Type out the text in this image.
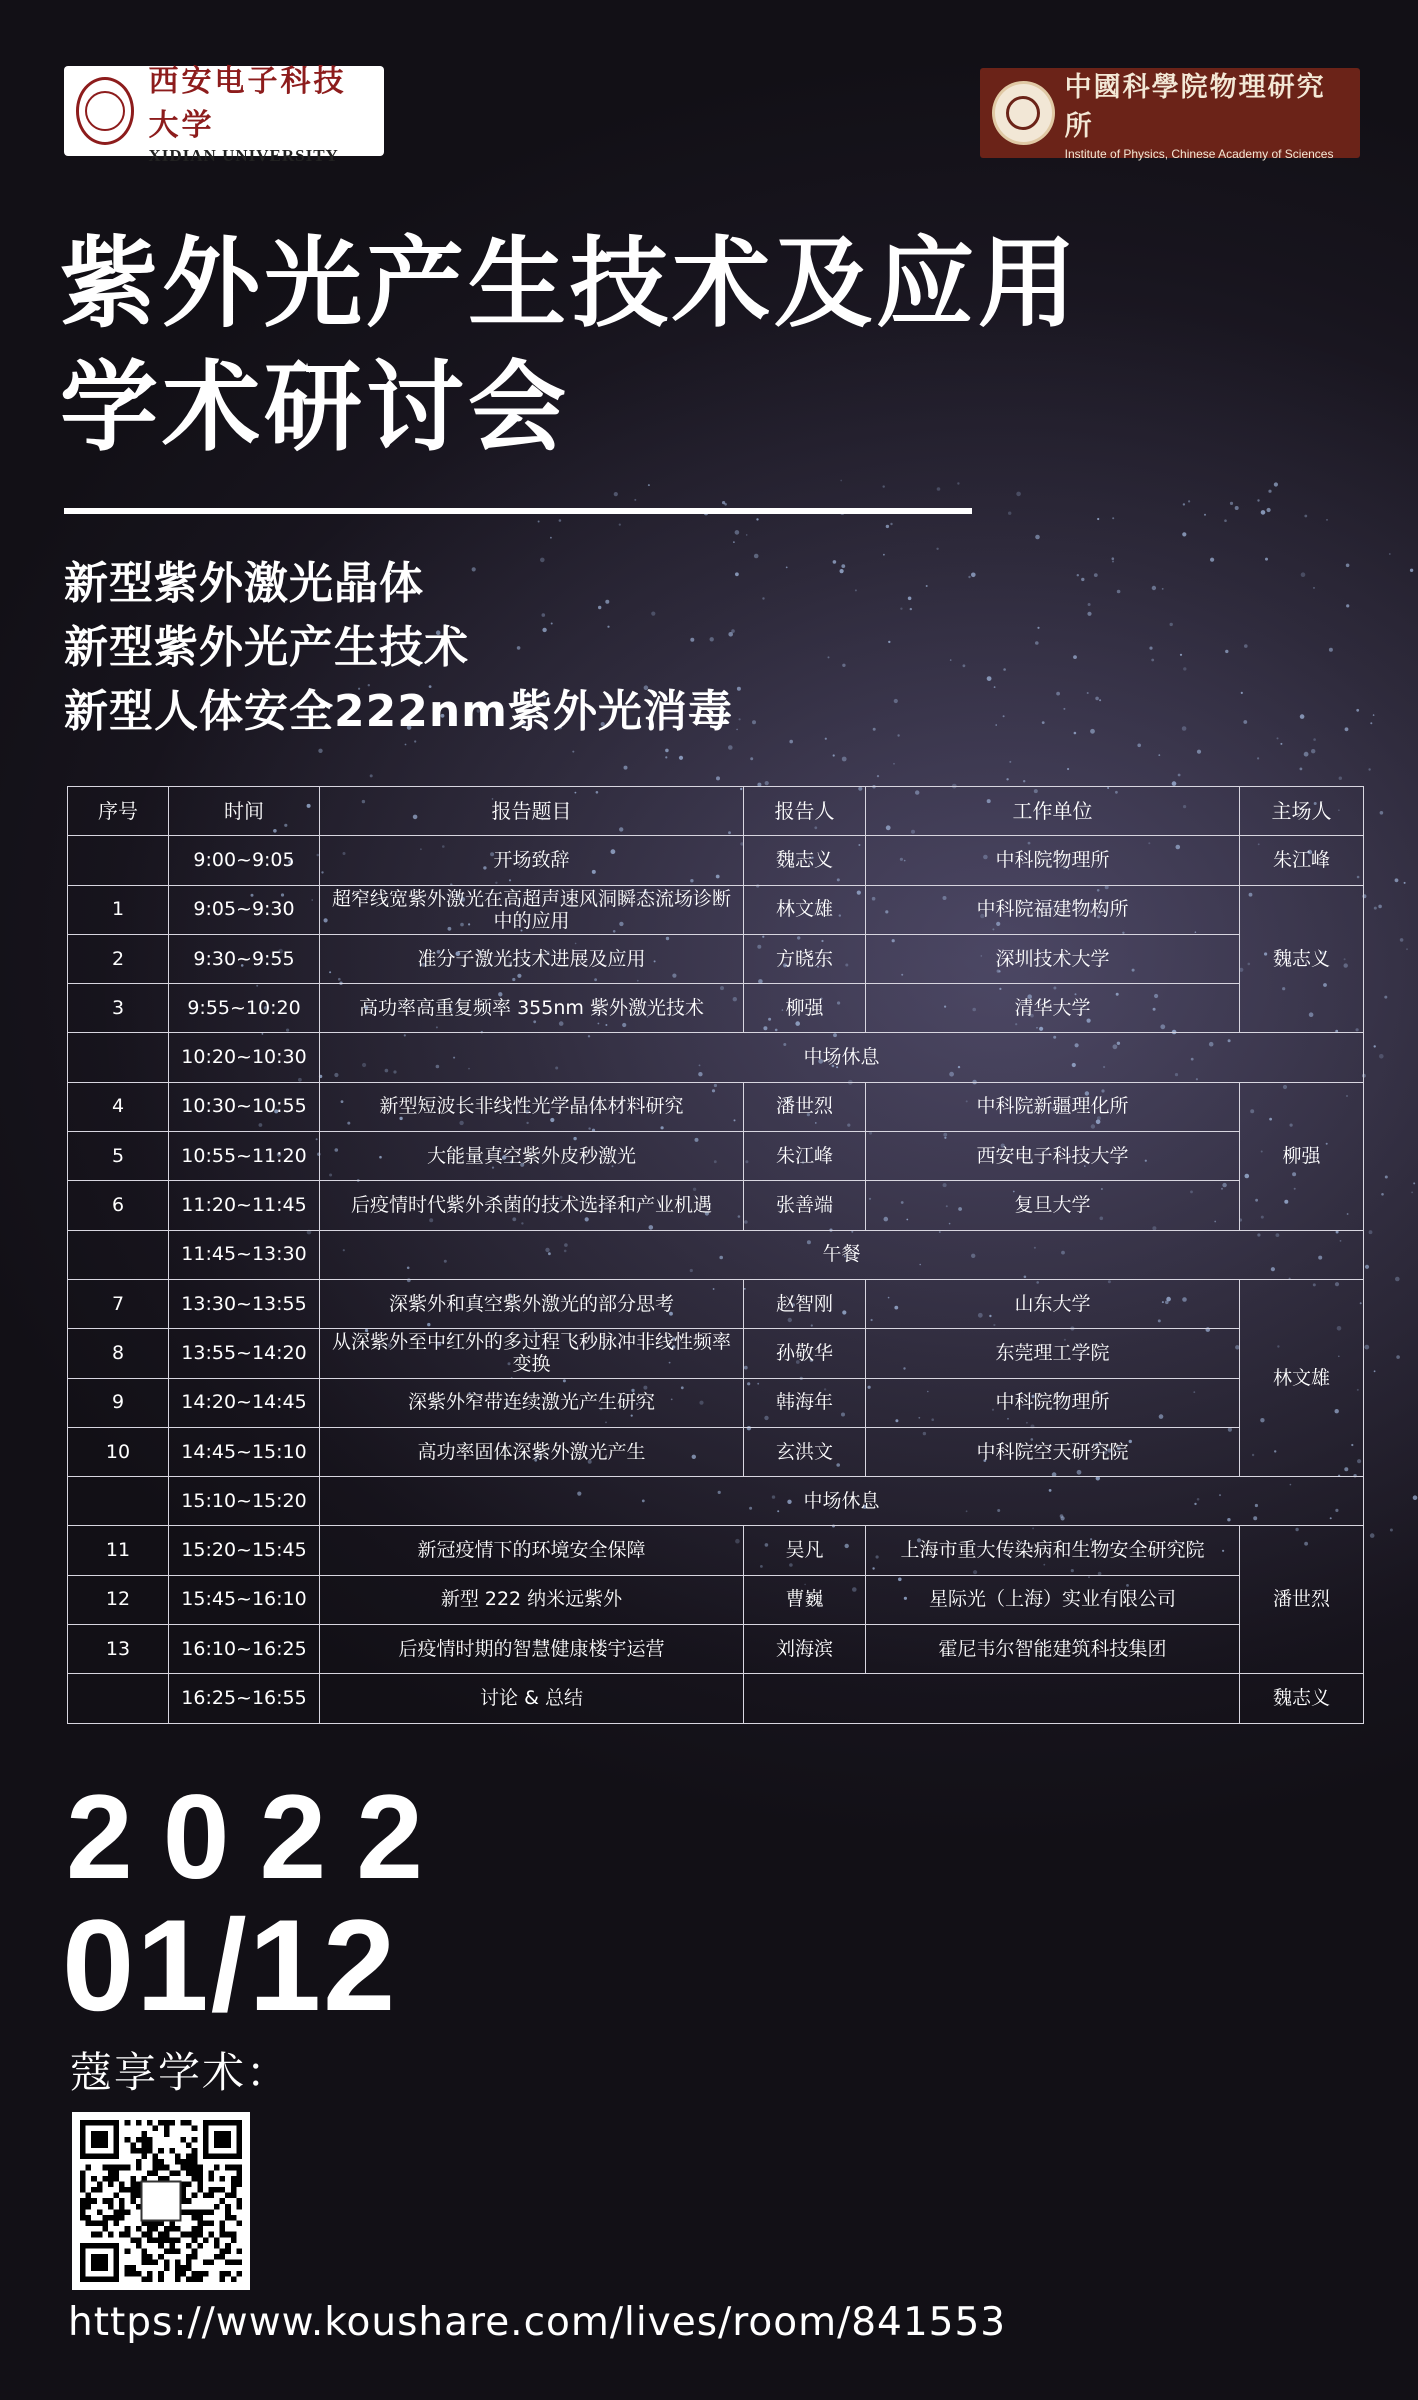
西安电子科技大学
XIDIAN UNIVERSITY
中國科學院物理研究所
Institute of Physics, Chinese Academy of Sciences
紫外光产生技术及应用
学术研讨会
新型紫外激光晶体
新型紫外光产生技术
新型人体安全222nm紫外光消毒
序号	时间	报告题目	报告人	工作单位	主场人
	9:00~9:05	开场致辞	魏志义	中科院物理所	朱江峰
1	9:05~9:30	超窄线宽紫外激光在高超声速风洞瞬态流场诊断中的应用	林文雄	中科院福建物构所	魏志义
2	9:30~9:55	准分子激光技术进展及应用	方晓东	深圳技术大学	
3	9:55~10:20	高功率高重复频率 355nm 紫外激光技术	柳强	清华大学	
	10:20~10:30	中场休息			
4	10:30~10:55	新型短波长非线性光学晶体材料研究	潘世烈	中科院新疆理化所	柳强
5	10:55~11:20	大能量真空紫外皮秒激光	朱江峰	西安电子科技大学	
6	11:20~11:45	后疫情时代紫外杀菌的技术选择和产业机遇	张善端	复旦大学	
	11:45~13:30	午餐			
7	13:30~13:55	深紫外和真空紫外激光的部分思考	赵智刚	山东大学	林文雄
8	13:55~14:20	从深紫外至中红外的多过程飞秒脉冲非线性频率变换	孙敬华	东莞理工学院	
9	14:20~14:45	深紫外窄带连续激光产生研究	韩海年	中科院物理所	
10	14:45~15:10	高功率固体深紫外激光产生	玄洪文	中科院空天研究院	
	15:10~15:20	中场休息			
11	15:20~15:45	新冠疫情下的环境安全保障	吴凡	上海市重大传染病和生物安全研究院	潘世烈
12	15:45~16:10	新型 222 纳米远紫外	曹巍	星际光（上海）实业有限公司	
13	16:10~16:25	后疫情时期的智慧健康楼宇运营	刘海滨	霍尼韦尔智能建筑科技集团	
	16:25~16:55	讨论 & 总结			魏志义
2022
01/12
蔻享学术：
https://www.koushare.com/lives/room/841553
